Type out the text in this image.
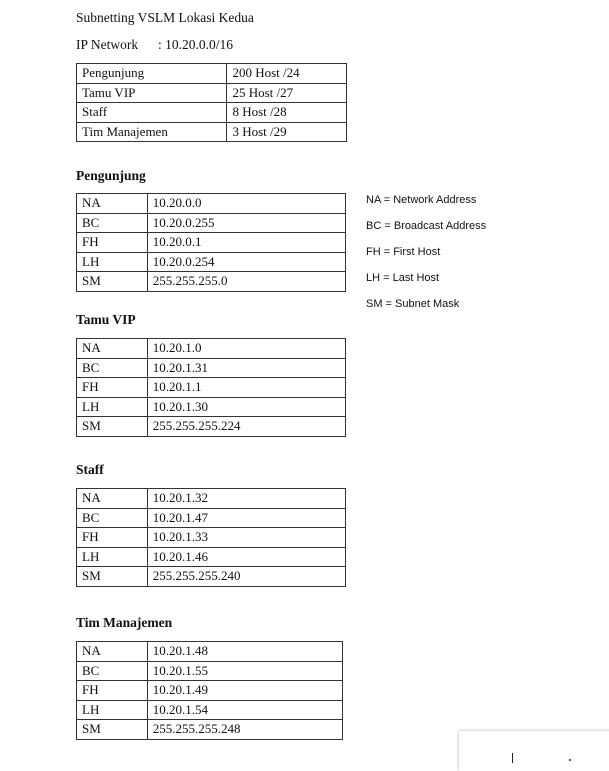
Subnetting VSLM Lokasi Kedua
IP Network : 10.20.0.0/16
Pengunjung	200 Host /24
Tamu VIP	25 Host /27
Staff	8 Host /28
Tim Manajemen	3 Host /29
Pengunjung
NA	10.20.0.0
BC	10.20.0.255
FH	10.20.0.1
LH	10.20.0.254
SM	255.255.255.0
NA = Network Address
BC = Broadcast Address
FH = First Host
LH = Last Host
SM = Subnet Mask
Tamu VIP
NA	10.20.1.0
BC	10.20.1.31
FH	10.20.1.1
LH	10.20.1.30
SM	255.255.255.224
Staff
NA	10.20.1.32
BC	10.20.1.47
FH	10.20.1.33
LH	10.20.1.46
SM	255.255.255.240
Tim Manajemen
NA	10.20.1.48
BC	10.20.1.55
FH	10.20.1.49
LH	10.20.1.54
SM	255.255.255.248
